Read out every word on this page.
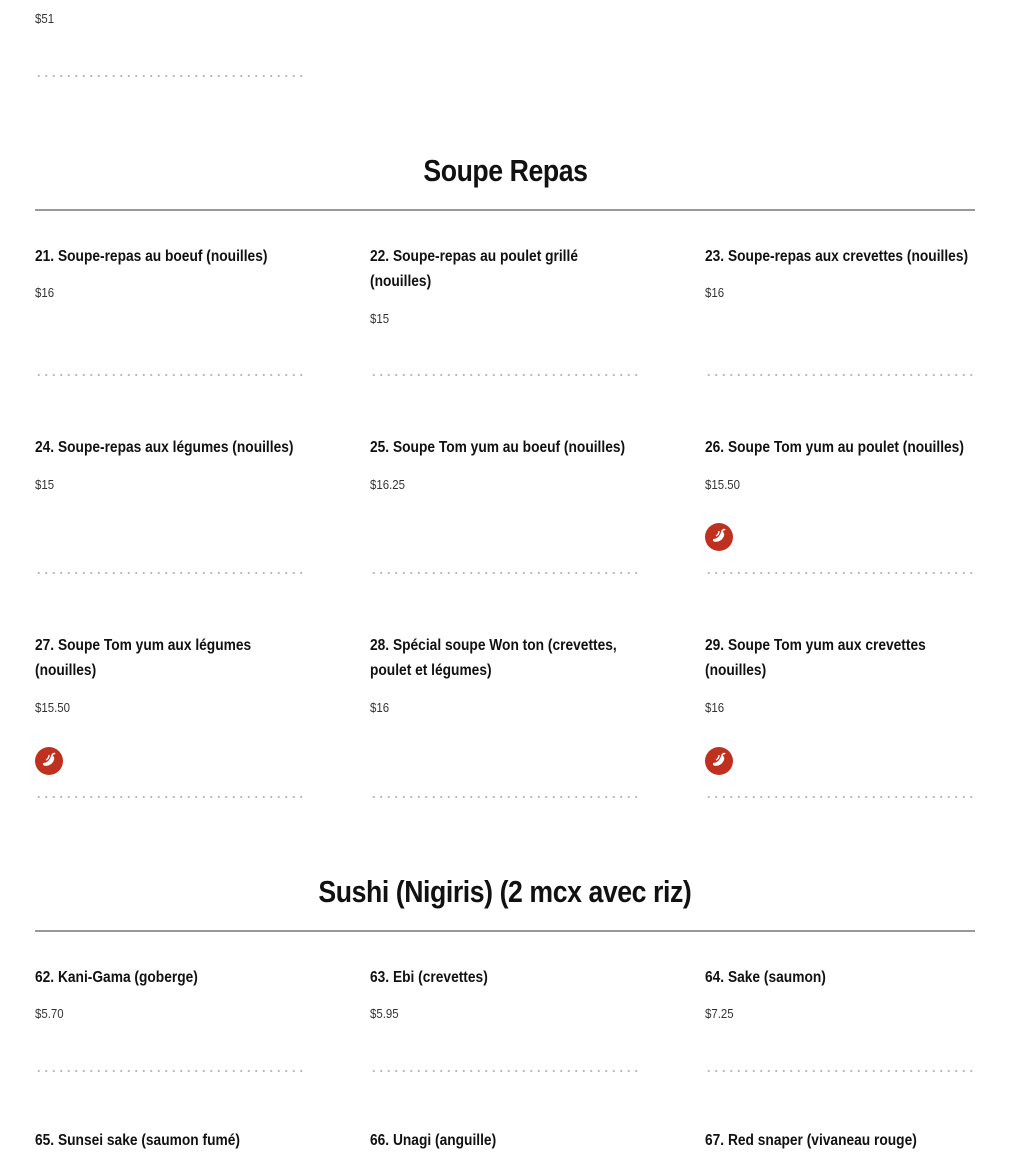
$51
Soupe Repas
21. Soupe-repas au boeuf (nouilles)
$16
22. Soupe-repas au poulet grillé (nouilles)
$15
23. Soupe-repas aux crevettes (nouilles)
$16
24. Soupe-repas aux légumes (nouilles)
$15
25. Soupe Tom yum au boeuf (nouilles)
$16.25
26. Soupe Tom yum au poulet (nouilles)
$15.50
27. Soupe Tom yum aux légumes (nouilles)
$15.50
28. Spécial soupe Won ton (crevettes, poulet et légumes)
$16
29. Soupe Tom yum aux crevettes (nouilles)
$16
Sushi (Nigiris) (2 mcx avec riz)
62. Kani-Gama (goberge)
$5.70
63. Ebi (crevettes)
$5.95
64. Sake (saumon)
$7.25
65. Sunsei sake (saumon fumé)	66. Unagi (anguille)	67. Red snaper (vivaneau rouge)
